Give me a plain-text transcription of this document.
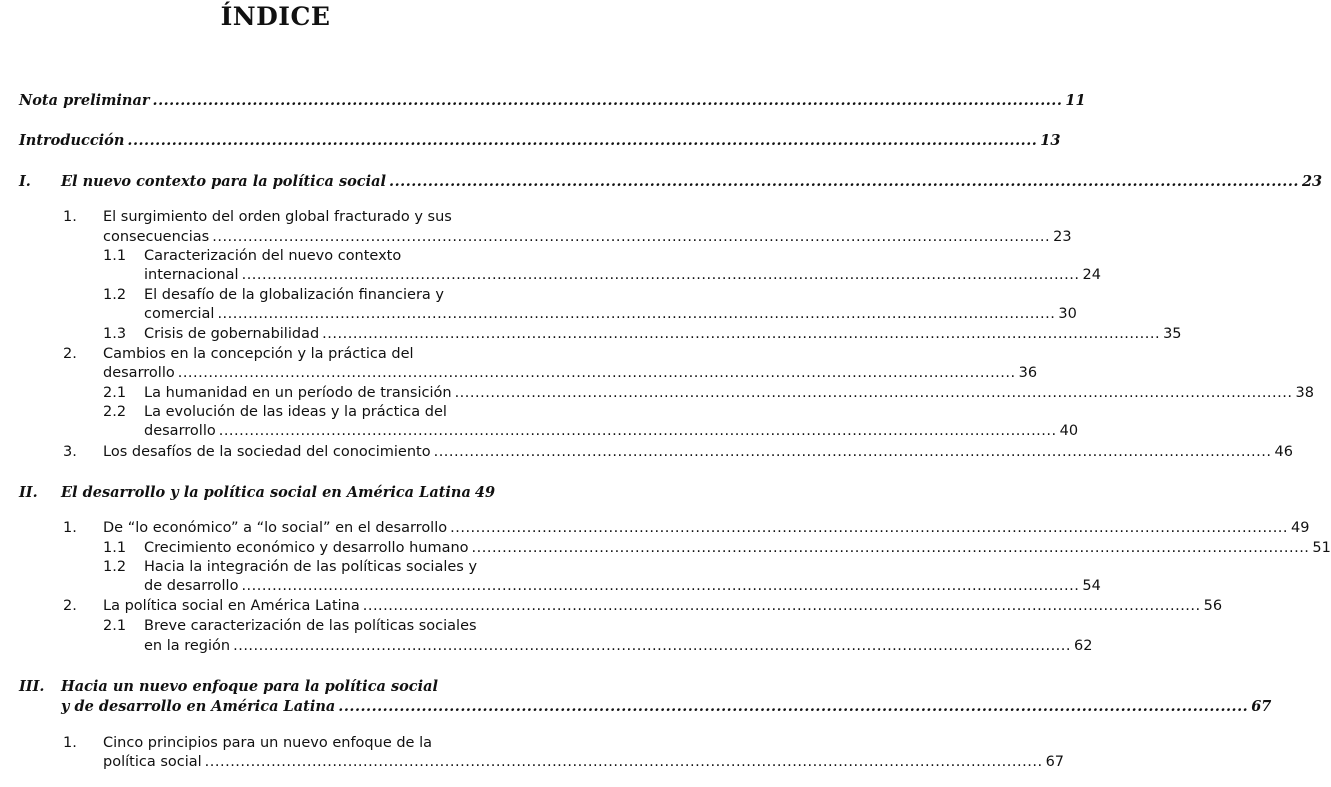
ÍNDICE
Nota preliminar .....	11
Introducción .....	13
I.	El nuevo contexto para la política social .....	23
1. El surgimiento del orden global fracturado y sus
consecuencias .....	23
1.1 Caracterización del nuevo contexto
internacional .....	24
1.2 El desafío de la globalización financiera y
comercial .....	30
1.3	Crisis de gobernabilidad .....	35
2. Cambios en la concepción y la práctica del
desarrollo .....	36
2.1	La humanidad en un período de transición .....	38
2.2 La evolución de las ideas y la práctica del
desarrollo .....	40
3.	Los desafíos de la sociedad del conocimiento .....	46
II.	El desarrollo y la política social en América Latina 49
1.	De “lo económico” a “lo social” en el desarrollo .....	49
1.1	Crecimiento económico y desarrollo humano .....	51
1.2 Hacia la integración de las políticas sociales y
de desarrollo .....	54
2.	La política social en América Latina .....	56
2.1 Breve caracterización de las políticas sociales
en la región .....	62
III. Hacia un nuevo enfoque para la política social
y de desarrollo en América Latina .....	67
1. Cinco principios para un nuevo enfoque de la
política social .....	67
